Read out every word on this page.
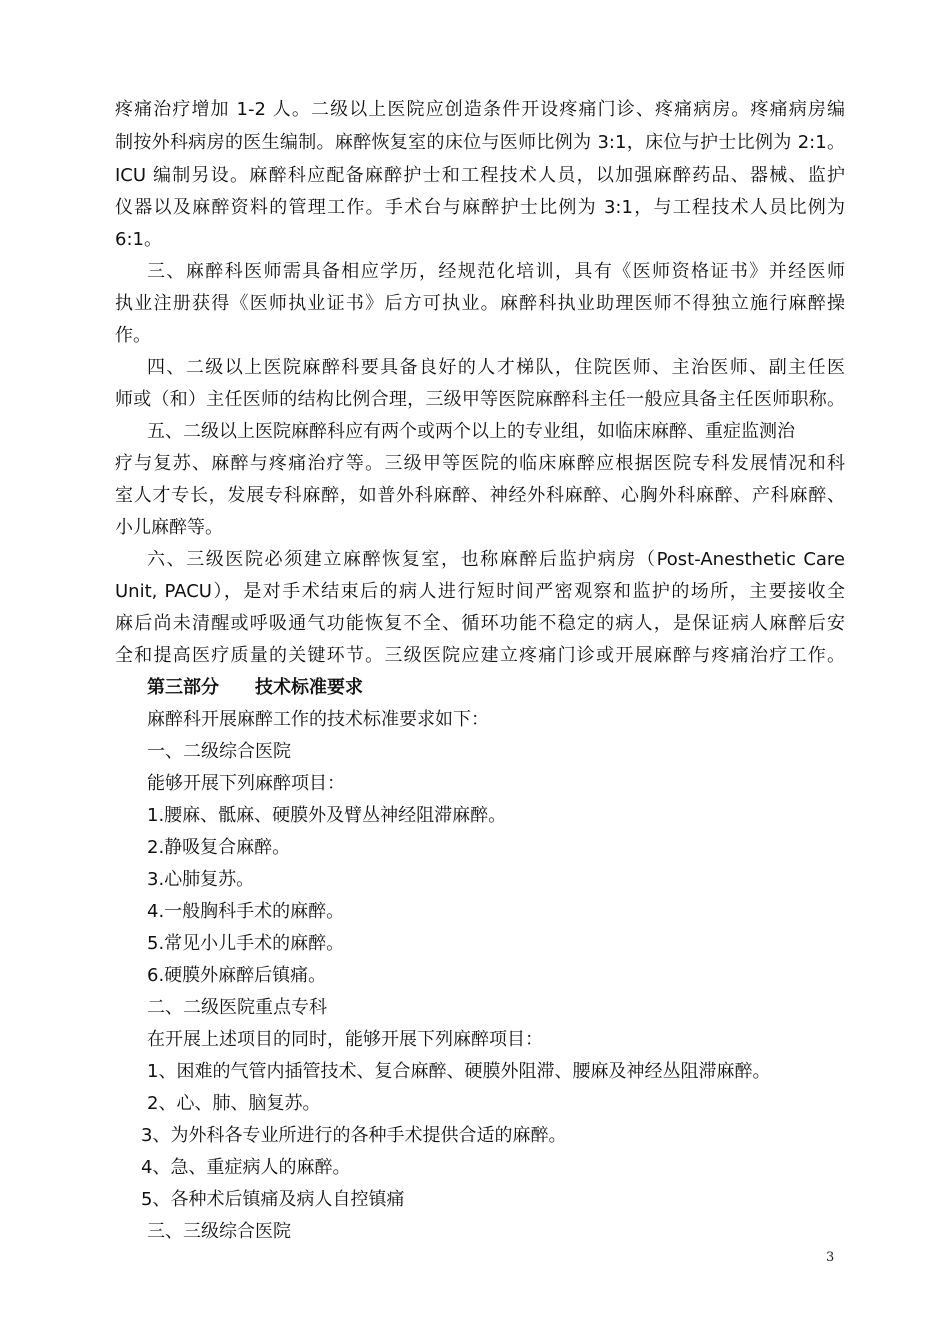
疼痛治疗增加 1-2 人。二级以上医院应创造条件开设疼痛门诊、疼痛病房。疼痛病房编
制按外科病房的医生编制。麻醉恢复室的床位与医师比例为 3:1，床位与护士比例为 2:1。
ICU 编制另设。麻醉科应配备麻醉护士和工程技术人员，以加强麻醉药品、器械、监护
仪器以及麻醉资料的管理工作。手术台与麻醉护士比例为 3:1，与工程技术人员比例为
6:1。
三、麻醉科医师需具备相应学历，经规范化培训，具有《医师资格证书》并经医师
执业注册获得《医师执业证书》后方可执业。麻醉科执业助理医师不得独立施行麻醉操
作。
四、二级以上医院麻醉科要具备良好的人才梯队，住院医师、主治医师、副主任医
师或（和）主任医师的结构比例合理，三级甲等医院麻醉科主任一般应具备主任医师职称。
五、二级以上医院麻醉科应有两个或两个以上的专业组，如临床麻醉、重症监测治
疗与复苏、麻醉与疼痛治疗等。三级甲等医院的临床麻醉应根据医院专科发展情况和科
室人才专长，发展专科麻醉，如普外科麻醉、神经外科麻醉、心胸外科麻醉、产科麻醉、
小儿麻醉等。
六、三级医院必须建立麻醉恢复室，也称麻醉后监护病房（Post-Anesthetic Care
Unit, PACU），是对手术结束后的病人进行短时间严密观察和监护的场所，主要接收全
麻后尚未清醒或呼吸通气功能恢复不全、循环功能不稳定的病人，是保证病人麻醉后安
全和提高医疗质量的关键环节。三级医院应建立疼痛门诊或开展麻醉与疼痛治疗工作。
第三部分　　技术标准要求
麻醉科开展麻醉工作的技术标准要求如下：
一、二级综合医院
能够开展下列麻醉项目：
1.腰麻、骶麻、硬膜外及臂丛神经阻滞麻醉。
2.静吸复合麻醉。
3.心肺复苏。
4.一般胸科手术的麻醉。
5.常见小儿手术的麻醉。
6.硬膜外麻醉后镇痛。
二、二级医院重点专科
在开展上述项目的同时，能够开展下列麻醉项目：
1、困难的气管内插管技术、复合麻醉、硬膜外阻滞、腰麻及神经丛阻滞麻醉。
2、心、肺、脑复苏。
3、为外科各专业所进行的各种手术提供合适的麻醉。
4、急、重症病人的麻醉。
5、各种术后镇痛及病人自控镇痛
三、三级综合医院
3
